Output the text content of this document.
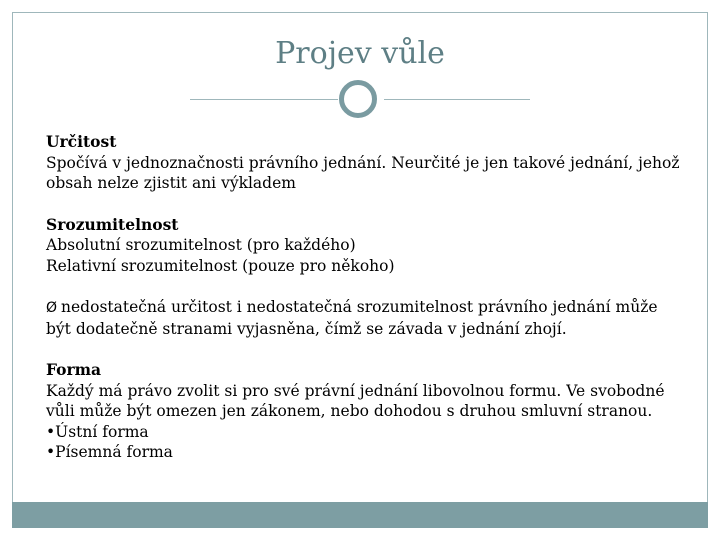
Projev vůle

Určitost

Spočívá v jednoznačnosti právního jednání. Neurčité je jen takové jednání, jehož

obsah nelze zjistit ani výkladem

Srozumitelnost

Absolutní srozumitelnost (pro každého)

Relativní srozumitelnost (pouze pro někoho)

Ø nedostatečná určitost i nedostatečná srozumitelnost právního jednání může

být dodatečně stranami vyjasněna, čímž se závada v jednání zhojí.

Forma

Každý má právo zvolit si pro své právní jednání libovolnou formu. Ve svobodné

vůli může být omezen jen zákonem, nebo dohodou s druhou smluvní stranou.

•Ústní forma

•Písemná forma
